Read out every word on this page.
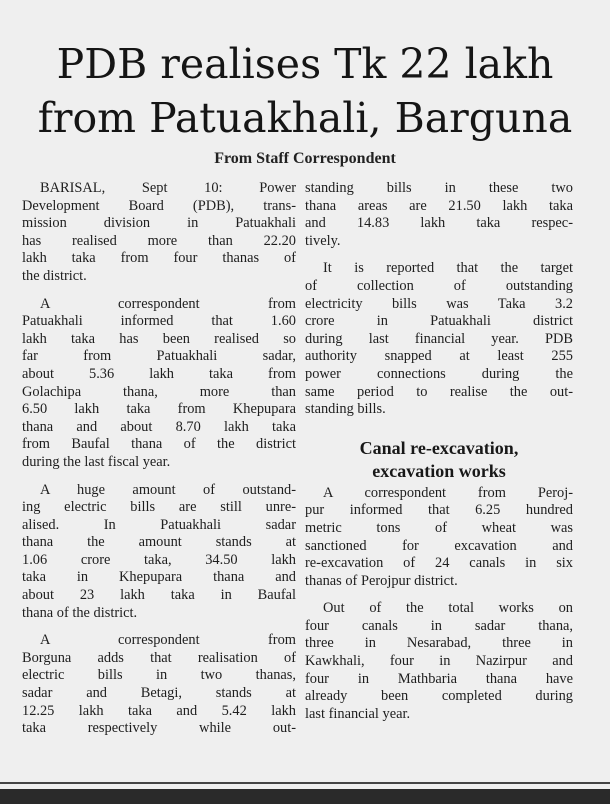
PDB realises Tk 22 lakh
from Patuakhali, Barguna
From Staff Correspondent
BARISAL, Sept 10: Power
Development Board (PDB), trans-
mission division in Patuakhali
has realised more than 22.20
lakh taka from four thanas of
the district.
A correspondent from
Patuakhali informed that 1.60
lakh taka has been realised so
far from Patuakhali sadar,
about 5.36 lakh taka from
Golachipa thana, more than
6.50 lakh taka from Khepupara
thana and about 8.70 lakh taka
from Baufal thana of the district
during the last fiscal year.
A huge amount of outstand-
ing electric bills are still unre-
alised. In Patuakhali sadar
thana the amount stands at
1.06 crore taka, 34.50 lakh
taka in Khepupara thana and
about 23 lakh taka in Baufal
thana of the district.
A correspondent from
Borguna adds that realisation of
electric bills in two thanas,
sadar and Betagi, stands at
12.25 lakh taka and 5.42 lakh
taka respectively while out-
standing bills in these two
thana areas are 21.50 lakh taka
and 14.83 lakh taka respec-
tively.
It is reported that the target
of collection of outstanding
electricity bills was Taka 3.2
crore in Patuakhali district
during last financial year. PDB
authority snapped at least 255
power connections during the
same period to realise the out-
standing bills.
Canal re-excavation,
excavation works
A correspondent from Peroj-
pur informed that 6.25 hundred
metric tons of wheat was
sanctioned for excavation and
re-excavation of 24 canals in six
thanas of Perojpur district.
Out of the total works on
four canals in sadar thana,
three in Nesarabad, three in
Kawkhali, four in Nazirpur and
four in Mathbaria thana have
already been completed during
last financial year.
